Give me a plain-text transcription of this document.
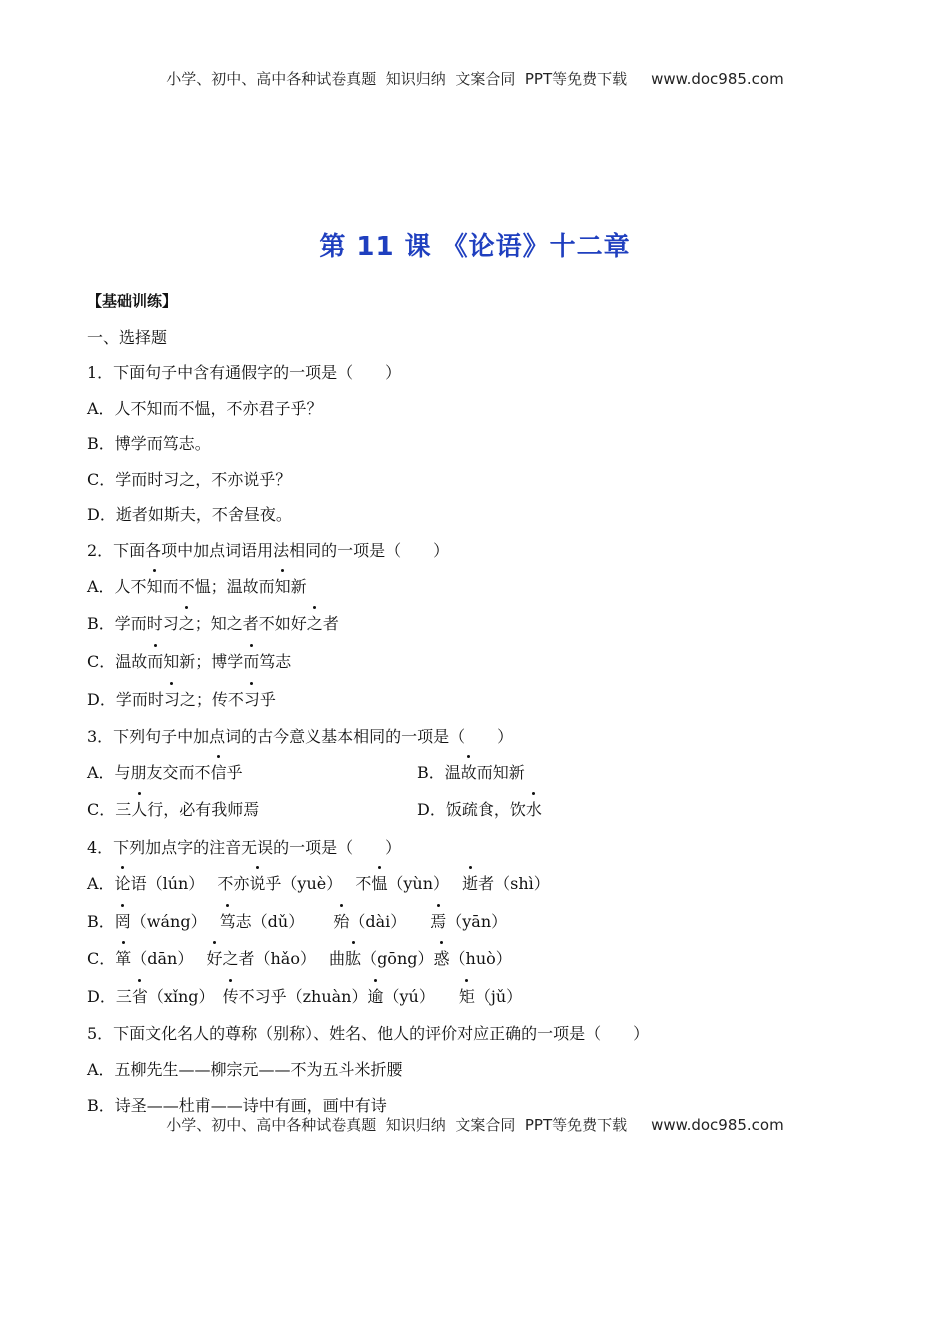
小学、初中、高中各种试卷真题  知识归纳  文案合同  PPT等免费下载 www.doc985.com
第 11 课 《论语》十二章
【基础训练】
一、选择题
1．下面句子中含有通假字的一项是（　　）
A．人不知而不愠，不亦君子乎？
B．博学而笃志。
C．学而时习之，不亦说乎？
D．逝者如斯夫，不舍昼夜。
2．下面各项中加点词语用法相同的一项是（　　）
A．人不知而不愠；温故而知新
B．学而时习之；知之者不如好之者
C．温故而知新；博学而笃志
D．学而时习之；传不习乎
3．下列句子中加点词的古今意义基本相同的一项是（　　）
A．与朋友交而不信乎	B．温故而知新
C．三人行，必有我师焉	D．饭疏食，饮水
4．下列加点字的注音无误的一项是（　　）
A．论语（lún）　 不亦说乎（yuè）　 不愠（yùn）　 逝者（shì）
B．罔（wáng）　 笃志（dǔ）　　 殆（dài）　　焉（yān）
C．箪（dān）　 好之者（hǎo）　 曲肱（gōng）惑（huò）
D．三省（xǐng）　传不习乎（zhuàn）逾（yú）　　矩（jǔ）
5．下面文化名人的尊称（别称）、姓名、他人的评价对应正确的一项是（　　）
A．五柳先生——柳宗元——不为五斗米折腰
B．诗圣——杜甫——诗中有画，画中有诗
小学、初中、高中各种试卷真题  知识归纳  文案合同  PPT等免费下载 www.doc985.com
